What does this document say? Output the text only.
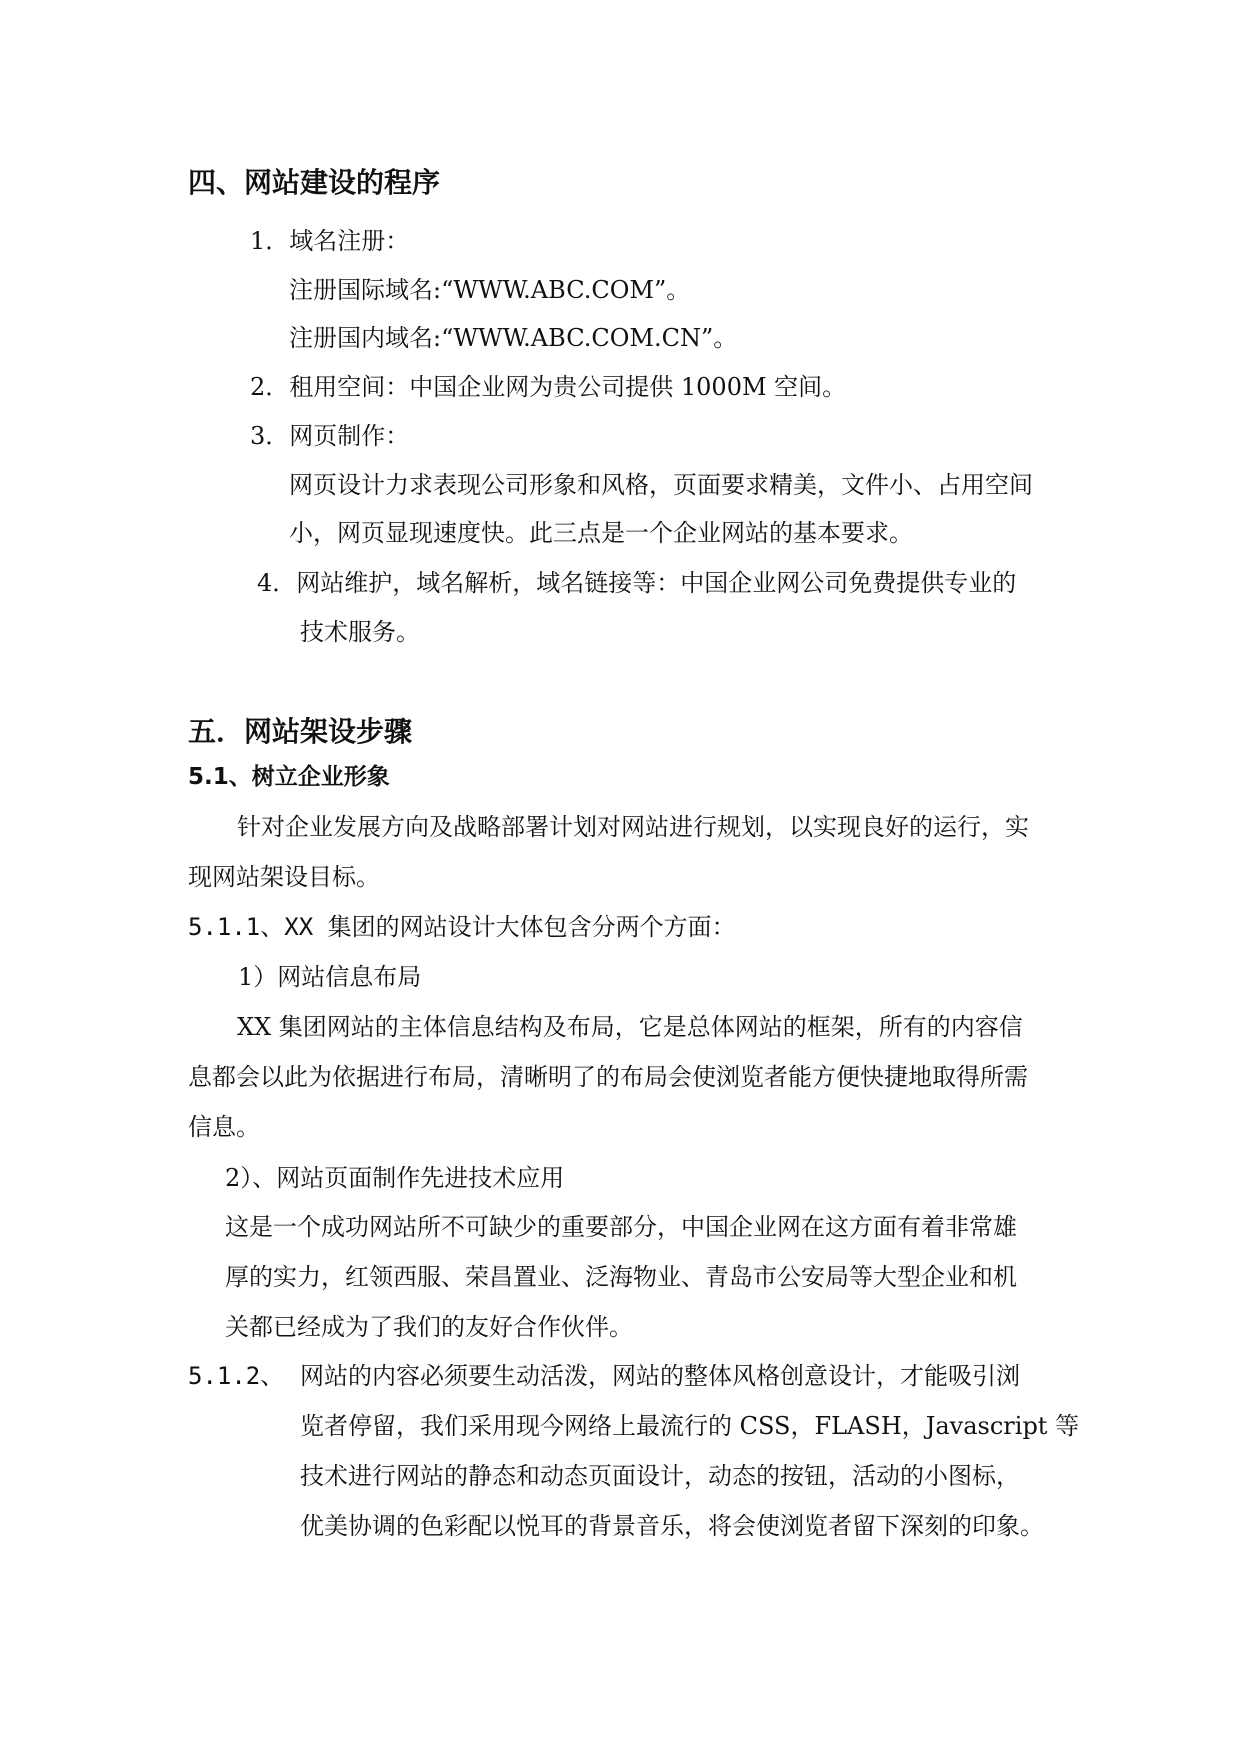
四、网站建设的程序
1．域名注册：
注册国际域名:“WWW.ABC.COM”。
注册国内域名:“WWW.ABC.COM.CN”。
2．租用空间：中国企业网为贵公司提供 1000M 空间。
3．网页制作：
网页设计力求表现公司形象和风格，页面要求精美，文件小、占用空间
小，网页显现速度快。此三点是一个企业网站的基本要求。
4．网站维护，域名解析，域名链接等：中国企业网公司免费提供专业的
技术服务。
五．网站架设步骤
5.1、树立企业形象
针对企业发展方向及战略部署计划对网站进行规划，以实现良好的运行，实
现网站架设目标。
5.1.1、XX 集团的网站设计大体包含分两个方面：
1）网站信息布局
XX 集团网站的主体信息结构及布局，它是总体网站的框架，所有的内容信
息都会以此为依据进行布局，清晰明了的布局会使浏览者能方便快捷地取得所需
信息。
2）、网站页面制作先进技术应用
这是一个成功网站所不可缺少的重要部分，中国企业网在这方面有着非常雄
厚的实力，红领西服、荣昌置业、泛海物业、青岛市公安局等大型企业和机
关都已经成为了我们的友好合作伙伴。
5.1.2、 网站的内容必须要生动活泼，网站的整体风格创意设计，才能吸引浏
览者停留，我们采用现今网络上最流行的 CSS，FLASH，Javascript 等
技术进行网站的静态和动态页面设计，动态的按钮，活动的小图标，
优美协调的色彩配以悦耳的背景音乐，将会使浏览者留下深刻的印象。
